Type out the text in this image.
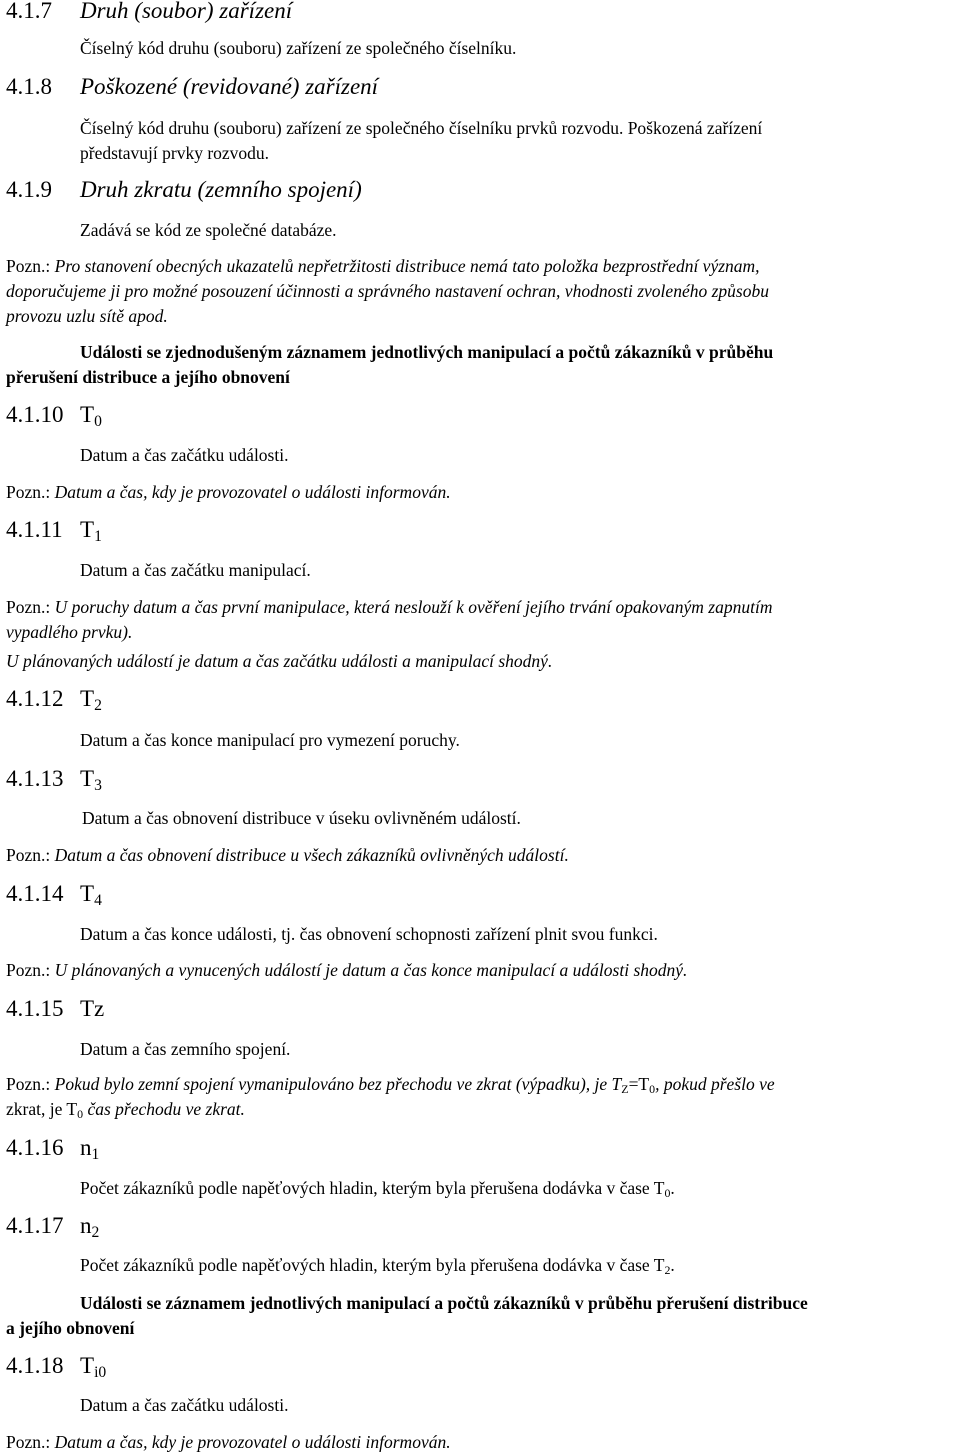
4.1.7 Druh (soubor) zařízení
Číselný kód druhu (souboru) zařízení ze společného číselníku.
4.1.8 Poškozené (revidované) zařízení
Číselný kód druhu (souboru) zařízení ze společného číselníku prvků rozvodu. Poškozená zařízení
představují prvky rozvodu.
4.1.9 Druh zkratu (zemního spojení)
Zadává se kód ze společné databáze.
Pozn.: Pro stanovení obecných ukazatelů nepřetržitosti distribuce nemá tato položka bezprostřední význam,
doporučujeme ji pro možné posouzení účinnosti a správného nastavení ochran, vhodnosti zvoleného způsobu
provozu uzlu sítě apod.
Události se zjednodušeným záznamem jednotlivých manipulací a počtů zákazníků v průběhu
přerušení distribuce a jejího obnovení
4.1.10 $T_0$
Datum a čas začátku události.
Pozn.: Datum a čas, kdy je provozovatel o události informován.
4.1.11 $T_1$
Datum a čas začátku manipulací.
Pozn.: U poruchy datum a čas první manipulace, která neslouží k ověření jejího trvání opakovaným zapnutím
vypadlého prvku).
U plánovaných událostí je datum a čas začátku události a manipulací shodný.
4.1.12 $T_2$
Datum a čas konce manipulací pro vymezení poruchy.
4.1.13 $T_3$
Datum a čas obnovení distribuce v úseku ovlivněném událostí.
Pozn.: Datum a čas obnovení distribuce u všech zákazníků ovlivněných událostí.
4.1.14 $T_4$
Datum a čas konce události, tj. čas obnovení schopnosti zařízení plnit svou funkci.
Pozn.: U plánovaných a vynucených událostí je datum a čas konce manipulací a události shodný.
4.1.15 Tz
Datum a čas zemního spojení.
Pozn.: Pokud bylo zemní spojení vymanipulováno bez přechodu ve zkrat (výpadku), je $T_Z=T_0$, pokud přešlo ve
zkrat, je $T_0$ čas přechodu ve zkrat.
4.1.16 $n_1$
Počet zákazníků podle napěťových hladin, kterým byla přerušena dodávka v čase $T_0$.
4.1.17 $n_2$
Počet zákazníků podle napěťových hladin, kterým byla přerušena dodávka v čase $T_2$.
Události se záznamem jednotlivých manipulací a počtů zákazníků v průběhu přerušení distribuce
a jejího obnovení
4.1.18 $T_{i0}$
Datum a čas začátku události.
Pozn.: Datum a čas, kdy je provozovatel o události informován.
